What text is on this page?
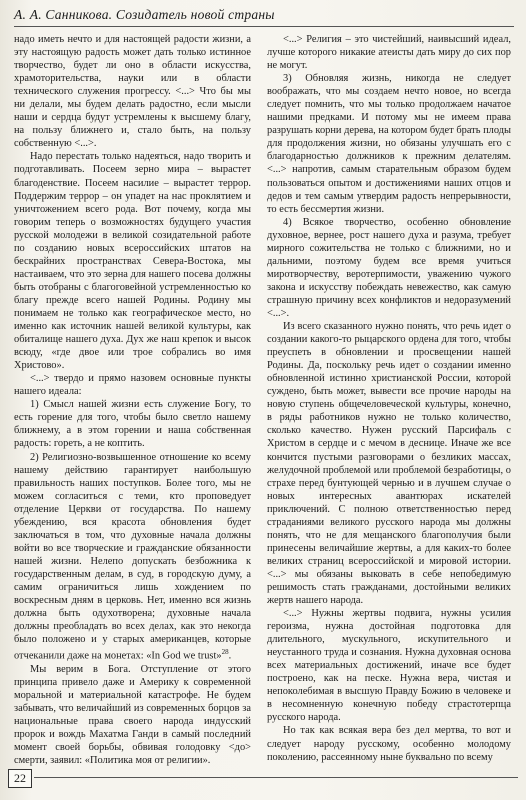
А. А. Санникова. Созидатель новой страны

надо иметь нечто и для настоящей радости жизни, а эту настоящую радость может дать только истинное творчество, будет ли оно в области искусства, храмоторительства, науки или в области технического служения прогрессу. <...> Что бы мы ни делали, мы будем делать радостно, если мысли наши и сердца будут устремлены к высшему благу, на пользу ближнего и, стало быть, на пользу собственную <...>.

Надо перестать только надеяться, надо творить и подготавливать. Посеем зерно мира – вырастет благоденствие. Посеем насилие – вырастет террор. Поддержим террор – он упадет на нас проклятием и уничтожением всего рода. Вот почему, когда мы говорим теперь о возможностях будущего участия русской молодежи в великой созидательной работе по созданию новых всероссийских штатов на бескрайних пространствах Севера-Востока, мы настаиваем, что это зерна для нашего посева должны быть отобраны с благоговейной устремленностью ко благу прежде всего нашей Родины. Родину мы понимаем не только как географическое место, но именно как источник нашей великой культуры, как обиталище нашего духа. Дух же наш крепок и высок всюду, «где двое или трое собрались во имя Христово».

<...> твердо и прямо назовем основные пункты нашего идеала:

1) Смысл нашей жизни есть служение Богу, то есть горение для того, чтобы было светло нашему ближнему, а в этом горении и наша собственная радость: гореть, а не коптить.

2) Религиозно-возвышенное отношение ко всему нашему действию гарантирует наибольшую правильность наших поступков. Более того, мы не можем согласиться с теми, кто проповедует отделение Церкви от государства. По нашему убеждению, вся красота обновления будет заключаться в том, что духовные начала должны войти во все творческие и гражданские обязанности нашей жизни. Нелепо допускать безбожника к государственным делам, в суд, в городскую думу, а самим ограничиться лишь хождением по воскресным дням в церковь. Нет, именно вся жизнь должна быть одухотворена; духовные начала должны преобладать во всех делах, как это некогда было положено и у старых американцев, которые отчеканили даже на монетах: «In God we trust»$^{28}$.

Мы верим в Бога. Отступление от этого принципа привело даже и Америку к современной моральной и материальной катастрофе. Не будем забывать, что величайший из современных борцов за национальные права своего народа индусский пророк и вождь Махатма Ганди в самый последний момент своей борьбы, обвивая голодовку <до> смерти, заявил: «Политика моя от религии».

<...> Религия – это чистейший, наивысший идеал, лучше которого никакие атеисты дать миру до сих пор не могут.

3) Обновляя жизнь, никогда не следует воображать, что мы создаем нечто новое, но всегда следует помнить, что мы только продолжаем начатое нашими предками. И потому мы не имеем права разрушать корни дерева, на котором будет брать плоды для продолжения жизни, но обязаны улучшать его с благодарностью должников к прежним делателям. <...> напротив, самым старательным образом будем пользоваться опытом и достижениями наших отцов и дедов и тем самым утвердим радость непрерывности, то есть бессмертия жизни.

4) Всякое творчество, особенно обновление духовное, вернее, рост нашего духа и разума, требует мирного сожительства не только с ближними, но и дальними, поэтому будем все время учиться миротворчеству, веротерпимости, уважению чужого закона и искусству побеждать невежество, как самую страшную причину всех конфликтов и недоразумений <...>.

Из всего сказанного нужно понять, что речь идет о создании какого-то рыцарского ордена для того, чтобы преуспеть в обновлении и просвещении нашей Родины. Да, поскольку речь идет о создании именно обновленной истинно христианской России, которой суждено, быть может, вывести все прочие народы на новую ступень общечеловеческой культуры, конечно, в ряды работников нужно не только количество, сколько качество. Нужен русский Парсифаль с Христом в сердце и с мечом в деснице. Иначе же все кончится пустыми разговорами о безликих массах, желудочной проблемой или проблемой безработицы, о страхе перед бунтующей чернью и в лучшем случае о новых интересных авантюрах искателей приключений. С полною ответственностью перед страданиями великого русского народа мы должны понять, что не для мещанского благополучия были принесены величайшие жертвы, а для каких-то более великих страниц всероссийской и мировой истории. <...> мы обязаны выковать в себе непобедимую решимость стать гражданами, достойными великих жертв нашего народа.

<...> Нужны жертвы подвига, нужны усилия героизма, нужна достойная подготовка для длительного, мускульного, искупительного и неустанного труда и сознания. Нужна духовная основа всех материальных достижений, иначе все будет построено, как на песке. Нужна вера, чистая и непоколебимая в высшую Правду Божию в человеке и в несомненную конечную победу страстотерпца русского народа.

Но так как всякая вера без дел мертва, то вот и следует народу русскому, особенно молодому поколению, рассеянному ныне буквально по всему

22
